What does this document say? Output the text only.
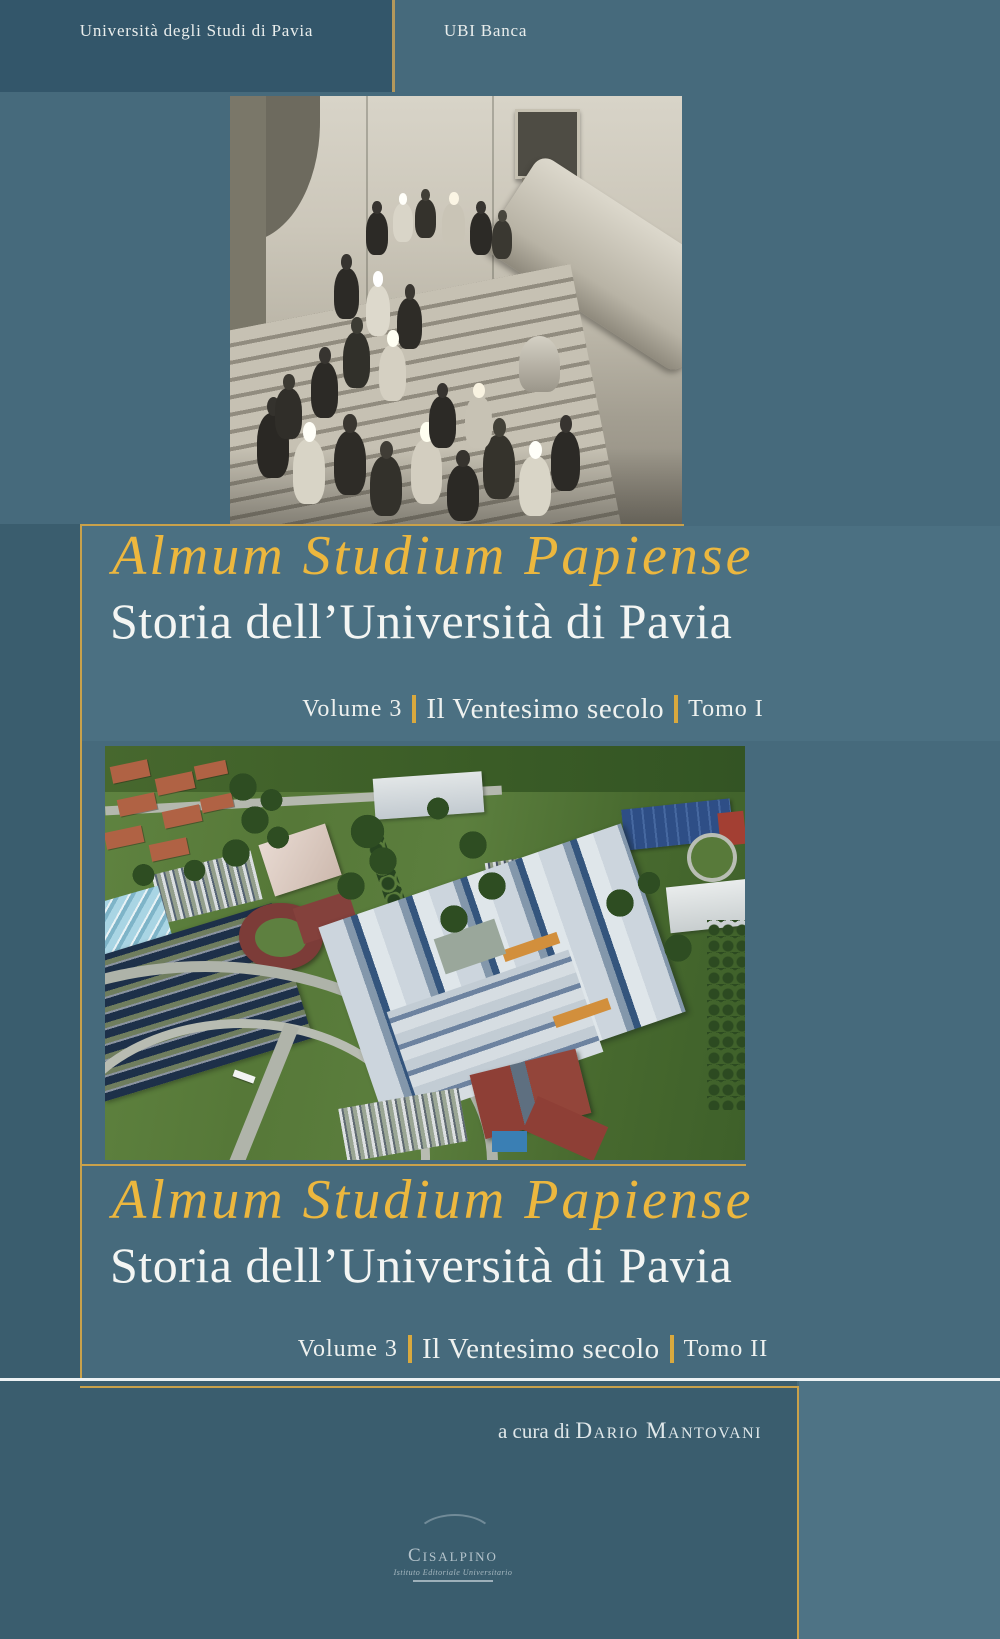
Università degli Studi di Pavia	UBI Banca
Almum Studium Papiense
Storia dell’Università di Pavia
Volume 3 Il Ventesimo secolo Tomo I
Almum Studium Papiense
Storia dell’Università di Pavia
Volume 3 Il Ventesimo secolo Tomo II
a cura di Dario Mantovani
Cisalpino
Istituto Editoriale Universitario
